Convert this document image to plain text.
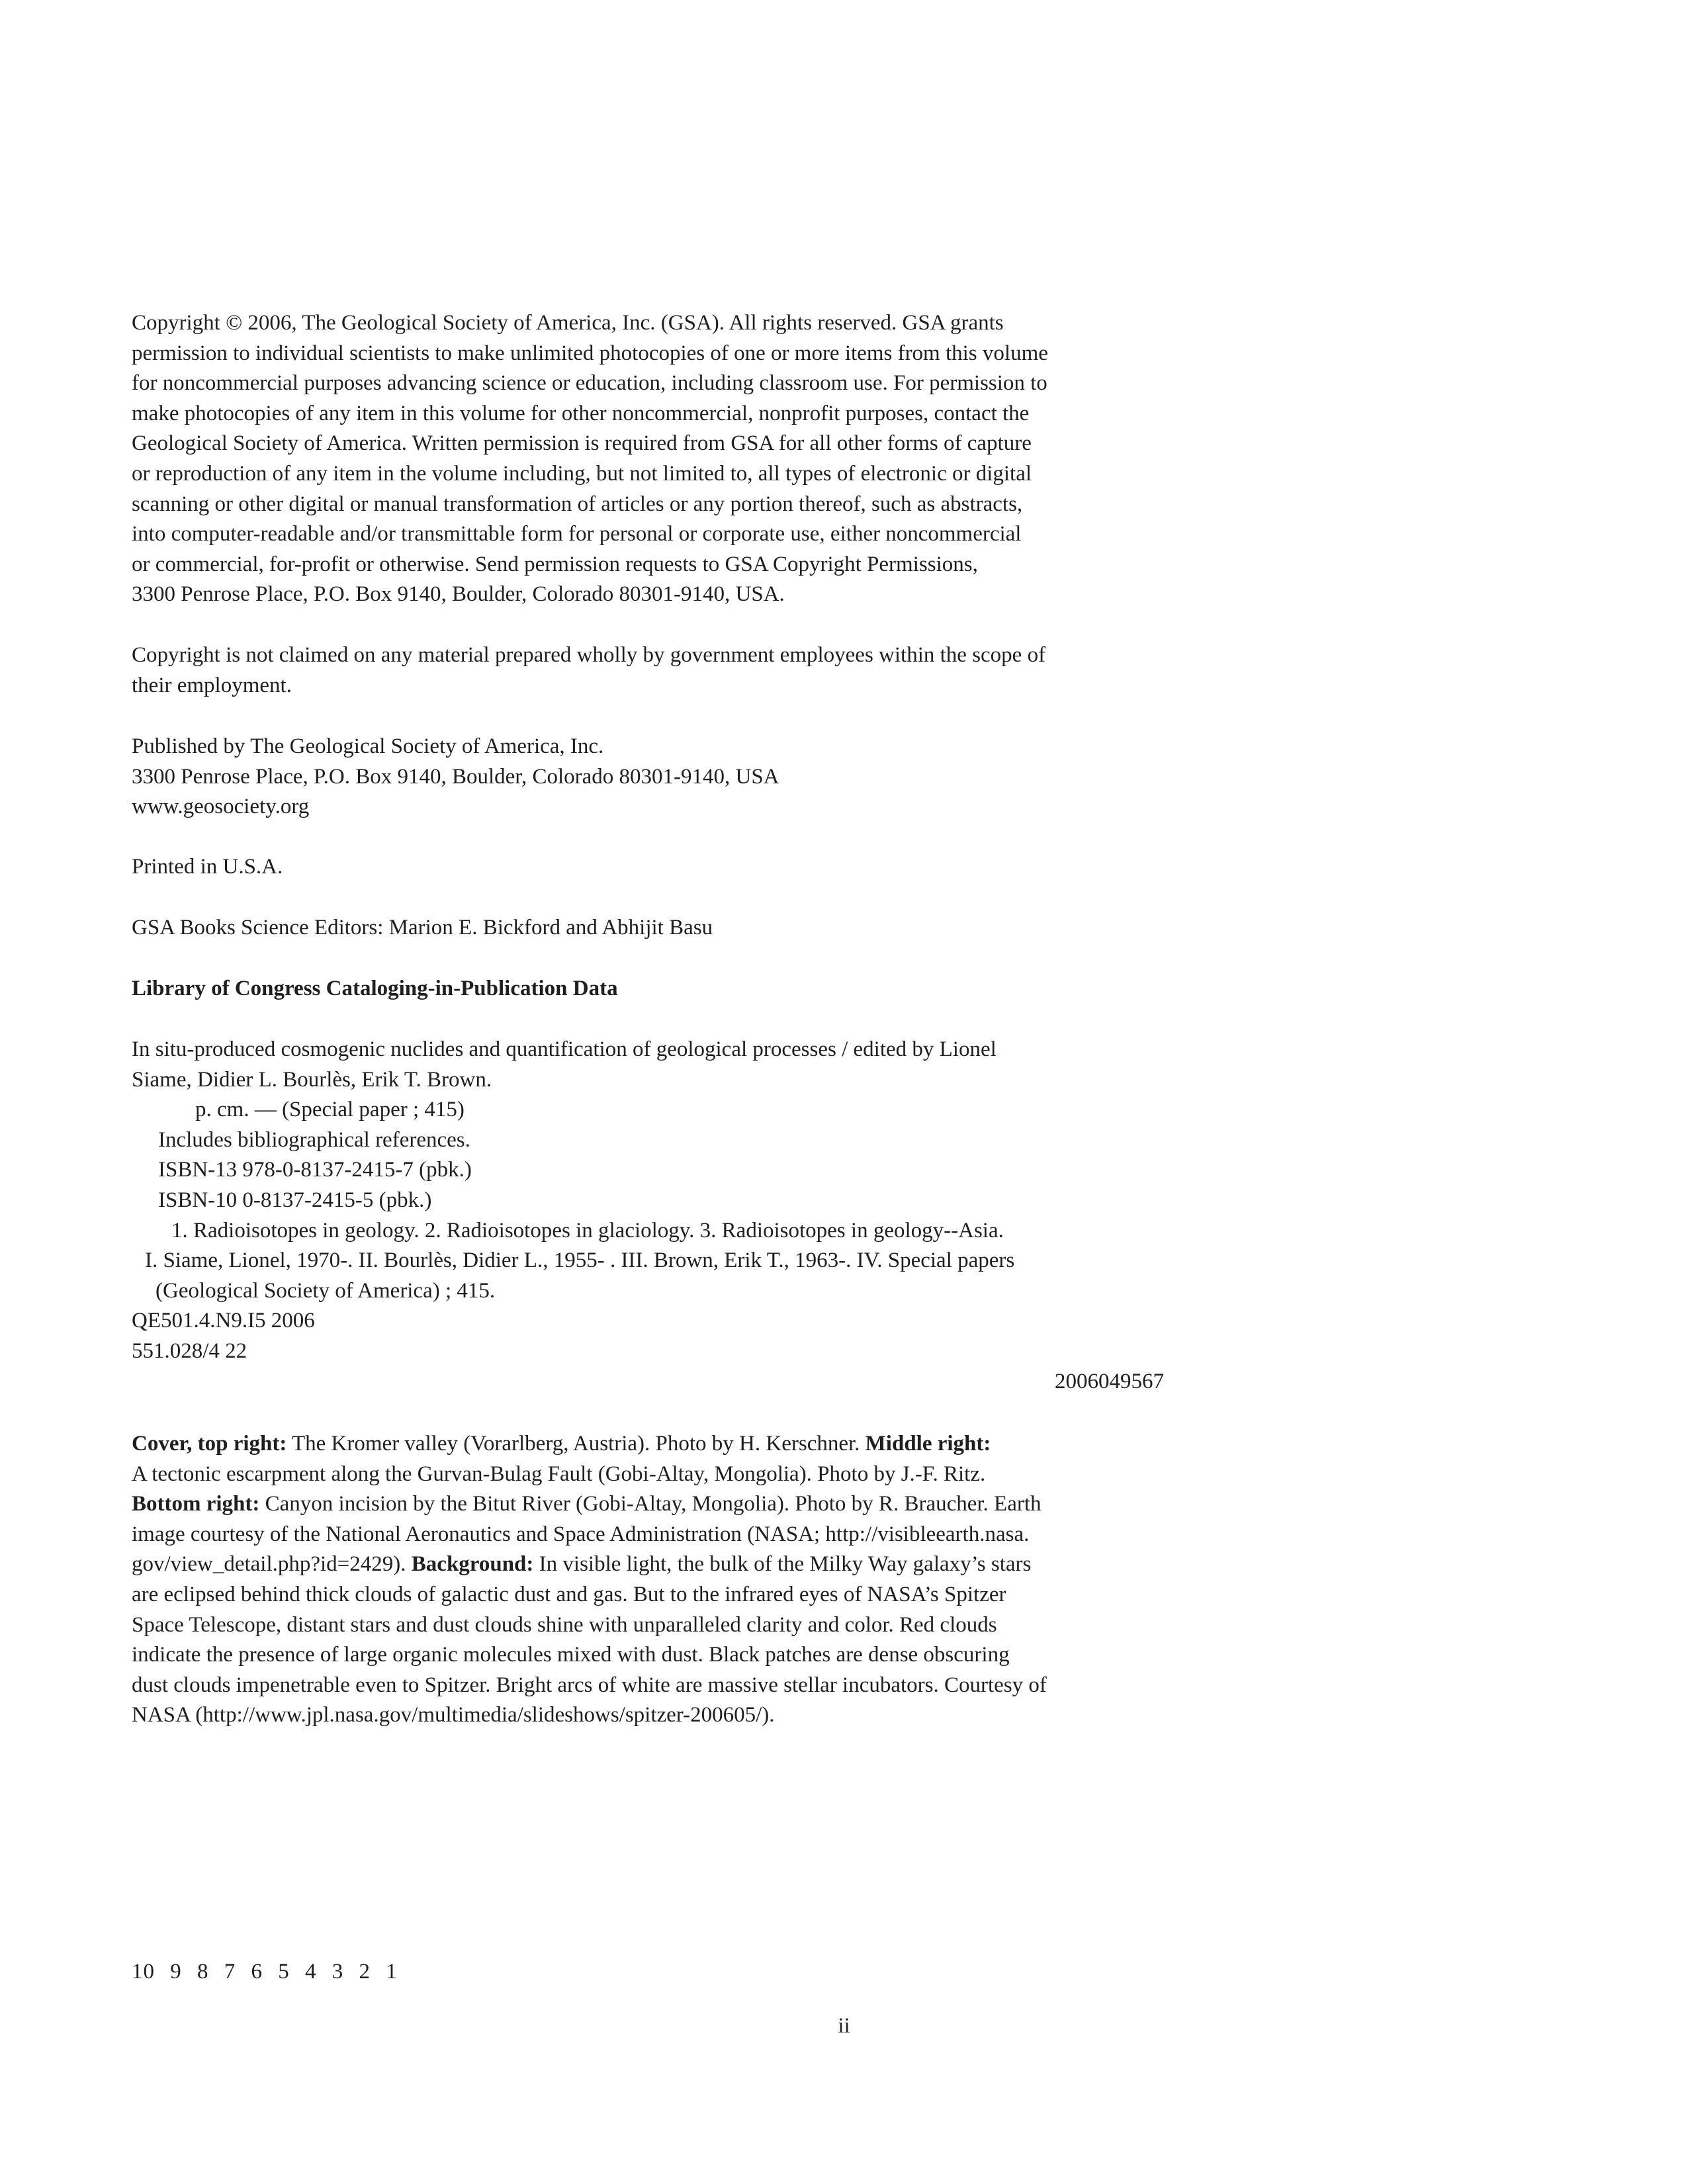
Copyright © 2006, The Geological Society of America, Inc. (GSA). All rights reserved. GSA grants

permission to individual scientists to make unlimited photocopies of one or more items from this volume

for noncommercial purposes advancing science or education, including classroom use. For permission to

make photocopies of any item in this volume for other noncommercial, nonprofit purposes, contact the

Geological Society of America. Written permission is required from GSA for all other forms of capture

or reproduction of any item in the volume including, but not limited to, all types of electronic or digital

scanning or other digital or manual transformation of articles or any portion thereof, such as abstracts,

into computer-readable and/or transmittable form for personal or corporate use, either noncommercial

or commercial, for-profit or otherwise. Send permission requests to GSA Copyright Permissions,

3300 Penrose Place, P.O. Box 9140, Boulder, Colorado 80301-9140, USA.

Copyright is not claimed on any material prepared wholly by government employees within the scope of

their employment.

Published by The Geological Society of America, Inc.

3300 Penrose Place, P.O. Box 9140, Boulder, Colorado 80301-9140, USA

www.geosociety.org

Printed in U.S.A.

GSA Books Science Editors: Marion E. Bickford and Abhijit Basu

Library of Congress Cataloging-in-Publication Data

In situ-produced cosmogenic nuclides and quantification of geological processes / edited by Lionel

Siame, Didier L. Bourlès, Erik T. Brown.

p. cm. — (Special paper ; 415)

Includes bibliographical references.

ISBN-13 978-0-8137-2415-7 (pbk.)

ISBN-10 0-8137-2415-5 (pbk.)

1. Radioisotopes in geology. 2. Radioisotopes in glaciology. 3. Radioisotopes in geology--Asia.

I. Siame, Lionel, 1970-. II. Bourlès, Didier L., 1955- . III. Brown, Erik T., 1963-. IV. Special papers

(Geological Society of America) ; 415.

QE501.4.N9.I5 2006

551.028/4 22

2006049567

Cover, top right: The Kromer valley (Vorarlberg, Austria). Photo by H. Kerschner. Middle right:

A tectonic escarpment along the Gurvan-Bulag Fault (Gobi-Altay, Mongolia). Photo by J.-F. Ritz.

Bottom right: Canyon incision by the Bitut River (Gobi-Altay, Mongolia). Photo by R. Braucher. Earth

image courtesy of the National Aeronautics and Space Administration (NASA; http://visibleearth.nasa.

gov/view_detail.php?id=2429). Background: In visible light, the bulk of the Milky Way galaxy’s stars

are eclipsed behind thick clouds of galactic dust and gas. But to the infrared eyes of NASA’s Spitzer

Space Telescope, distant stars and dust clouds shine with unparalleled clarity and color. Red clouds

indicate the presence of large organic molecules mixed with dust. Black patches are dense obscuring

dust clouds impenetrable even to Spitzer. Bright arcs of white are massive stellar incubators. Courtesy of

NASA (http://www.jpl.nasa.gov/multimedia/slideshows/spitzer-200605/).

10 9 8 7 6 5 4 3 2 1
ii
